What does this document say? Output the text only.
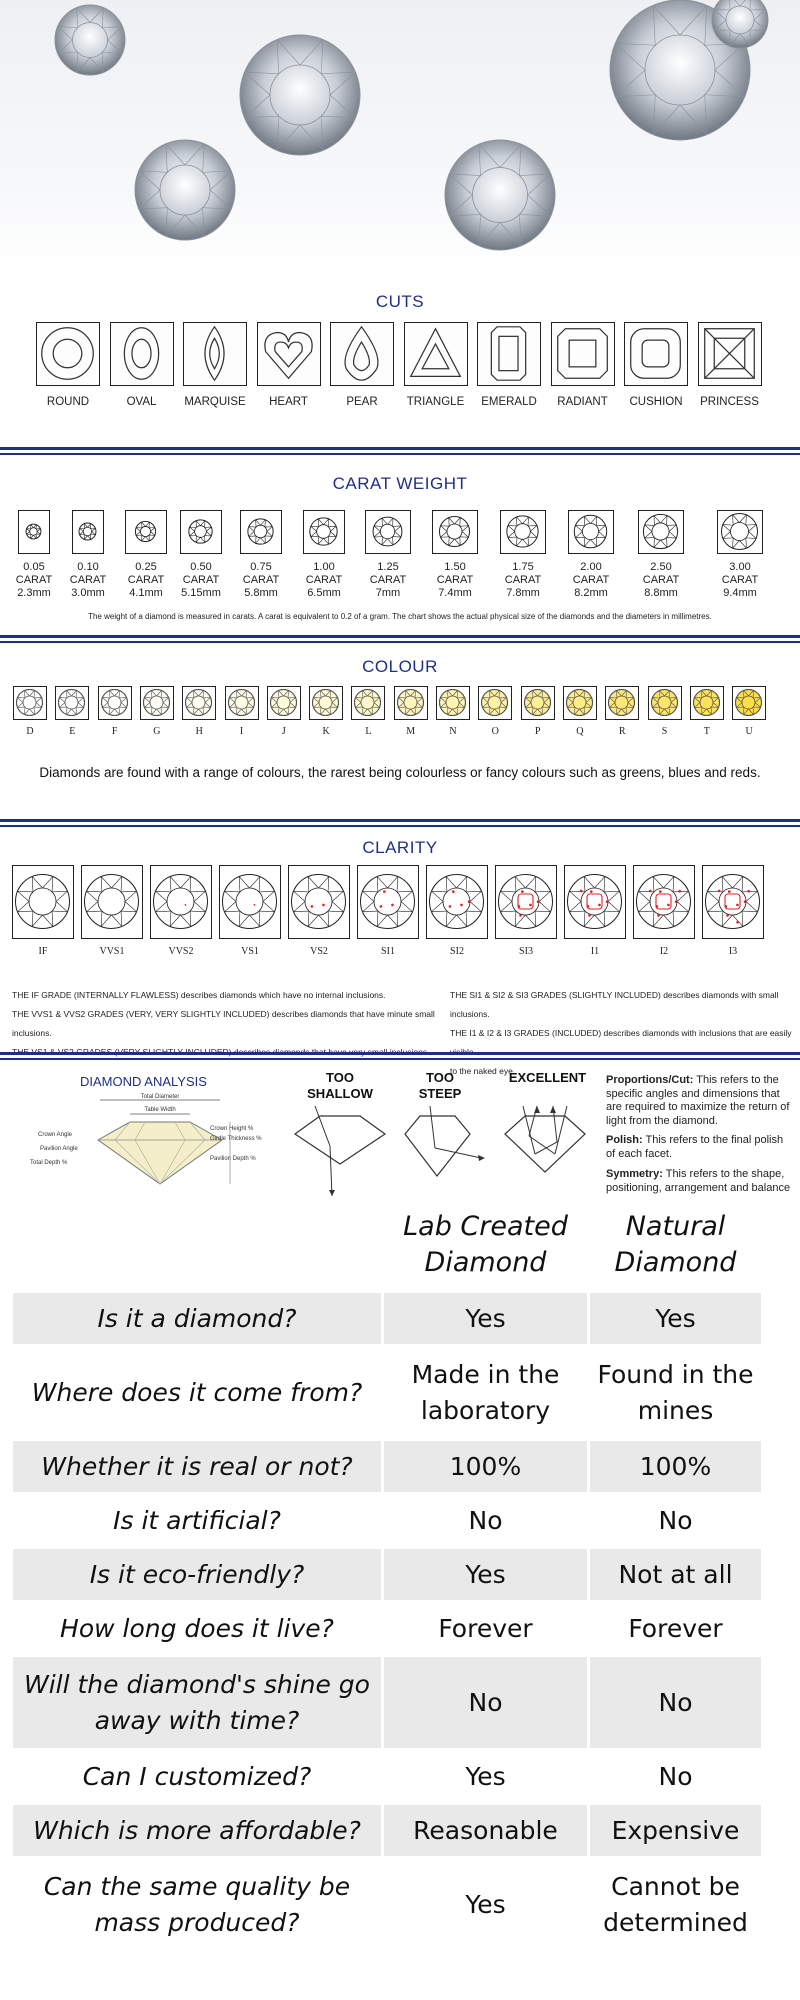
CUTS
ROUND	OVAL	MARQUISE	HEART	PEAR	TRIANGLE	EMERALD	RADIANT	CUSHION	PRINCESS
CARAT WEIGHT
0.05
CARAT
2.3mm
0.10
CARAT
3.0mm
0.25
CARAT
4.1mm
0.50
CARAT
5.15mm
0.75
CARAT
5.8mm
1.00
CARAT
6.5mm
1.25
CARAT
7mm
1.50
CARAT
7.4mm
1.75
CARAT
7.8mm
2.00
CARAT
8.2mm
2.50
CARAT
8.8mm
3.00
CARAT
9.4mm
The weight of a diamond is measured in carats. A carat is equivalent to 0.2 of a gram. The chart shows the actual physical size of the diamonds and the diameters in millimetres.
COLOUR
D	E	F	G	H	I	J	K	L	M	N	O	P	Q	R	S	T	U
Diamonds are found with a range of colours, the rarest being colourless or fancy colours such as greens, blues and reds.
CLARITY
IF	VVS1	VVS2	VS1	VS2	SI1	SI2	SI3	I1	I2	I3
THE IF GRADE (INTERNALLY FLAWLESS) describes diamonds which have no internal inclusions.
THE VVS1 & VVS2 GRADES (VERY, VERY SLIGHTLY INCLUDED) describes diamonds that have minute small inclusions.
THE VS1 & VS2 GRADES (VERY SLIGHTLY INCLUDED) describes diamonds that have very small inclusions.
THE SI1 & SI2 & SI3 GRADES (SLIGHTLY INCLUDED) describes diamonds with small inclusions.
THE I1 & I2 & I3 GRADES (INCLUDED) describes diamonds with inclusions that are easily visible
to the naked eye.
DIAMOND ANALYSIS
Total Diameter
Table Width
Crown Angle
Pavilion Angle
Total Depth %
Crown Height %
Girdle Thickness %
Pavilion Depth %
TOO
SHALLOW
TOO
STEEP
EXCELLENT	Proportions/Cut: This refers to the specific angles and dimensions that are required to maximize the return of light from the diamond.
Polish: This refers to the final polish of each facet.
Symmetry: This refers to the shape, positioning, arrangement and balance
	Lab Created Diamond	Natural Diamond
Is it a diamond?	Yes	Yes
Where does it come from?	Made in the laboratory	Found in the mines
Whether it is real or not?	100%	100%
Is it artificial?	No	No
Is it eco-friendly?	Yes	Not at all
How long does it live?	Forever	Forever
Will the diamond's shine go away with time?	No	No
Can I customized?	Yes	No
Which is more affordable?	Reasonable	Expensive
Can the same quality be mass produced?	Yes	Cannot be determined
